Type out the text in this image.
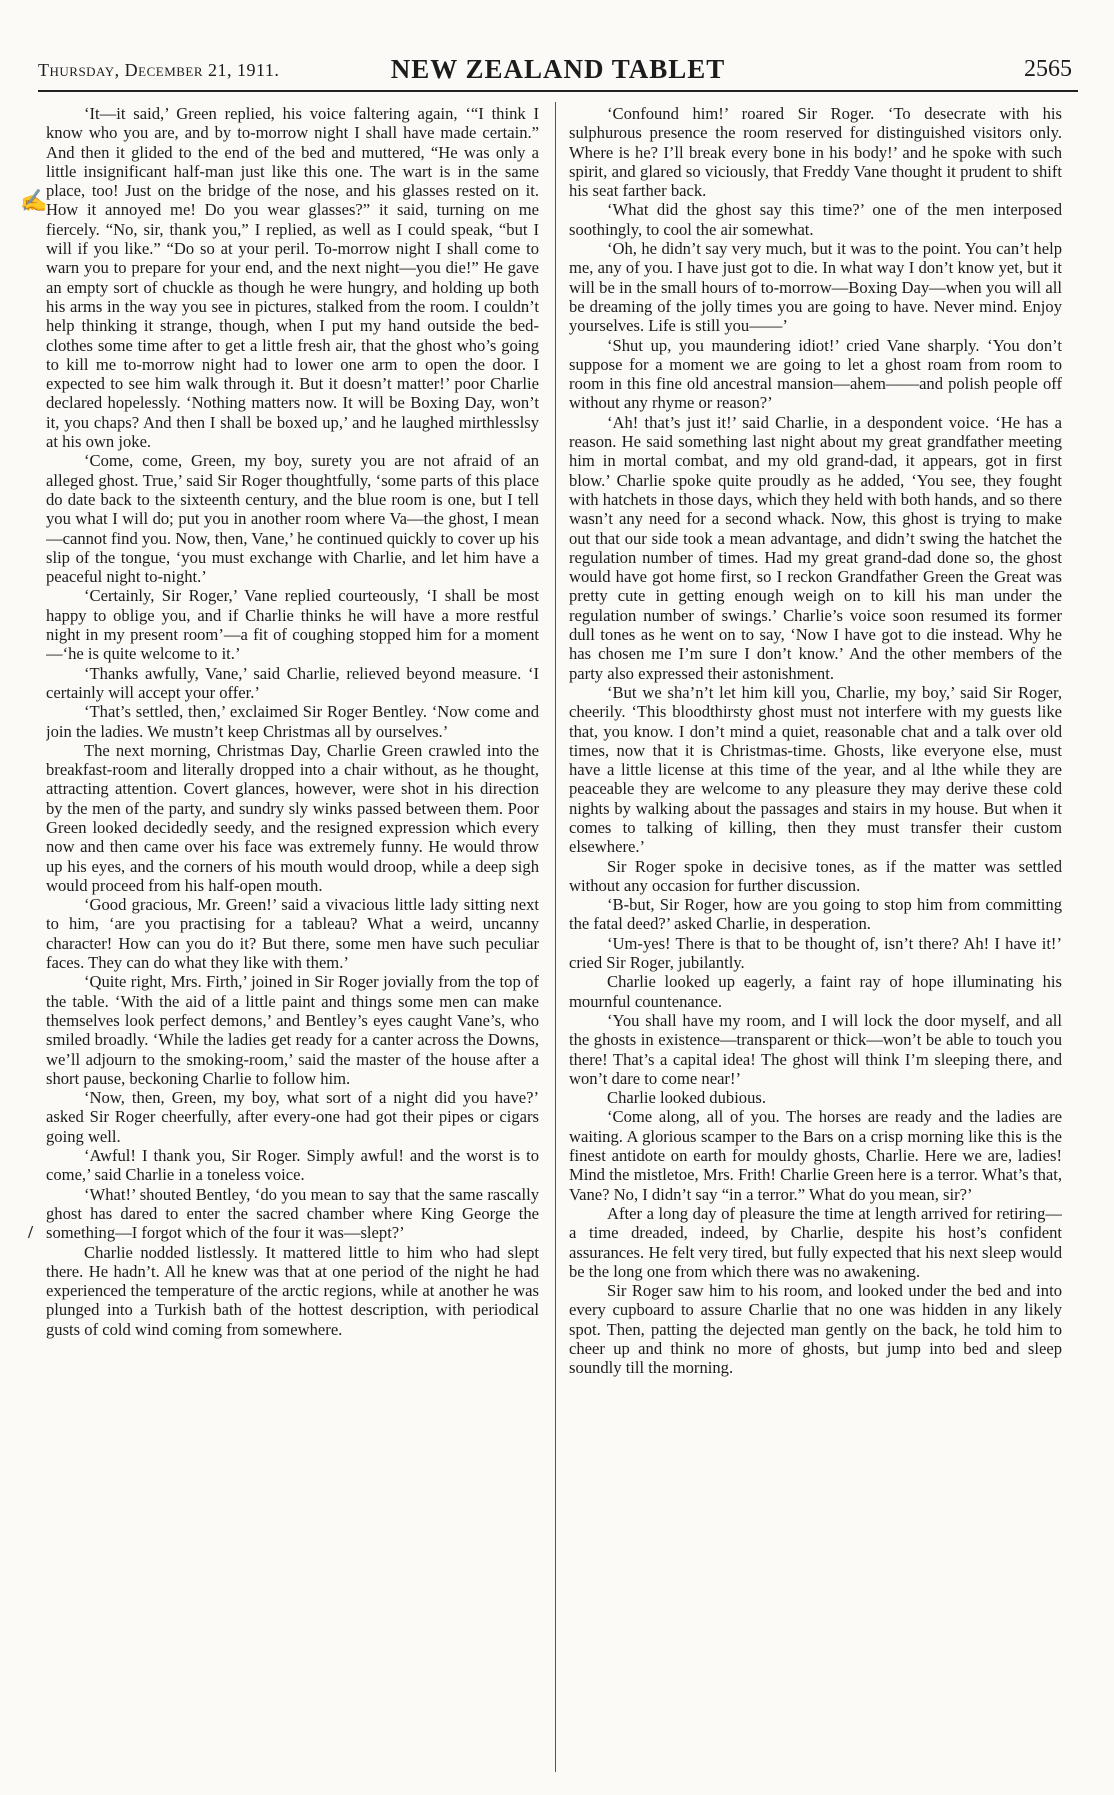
Thursday, December 21, 1911.	NEW ZEALAND TABLET	2565
✍
/

‘It—it said,’ Green replied, his voice faltering again, ‘“I think I know who you are, and by to-morrow night I shall have made certain.” And then it glided to the end of the bed and muttered, “He was only a little insignificant half-man just like this one. The wart is in the same place, too! Just on the bridge of the nose, and his glasses rested on it. How it annoyed me! Do you wear glasses?” it said, turning on me fiercely. “No, sir, thank you,” I replied, as well as I could speak, “but I will if you like.” “Do so at your peril. To-morrow night I shall come to warn you to prepare for your end, and the next night—you die!” He gave an empty sort of chuckle as though he were hungry, and holding up both his arms in the way you see in pictures, stalked from the room. I couldn’t help thinking it strange, though, when I put my hand outside the bed-clothes some time after to get a little fresh air, that the ghost who’s going to kill me to-morrow night had to lower one arm to open the door. I expected to see him walk through it. But it doesn’t matter!’ poor Charlie declared hopelessly. ‘Nothing matters now. It will be Boxing Day, won’t it, you chaps? And then I shall be boxed up,’ and he laughed mirthlesslsy at his own joke.

‘Come, come, Green, my boy, surety you are not afraid of an alleged ghost. True,’ said Sir Roger thoughtfully, ‘some parts of this place do date back to the sixteenth century, and the blue room is one, but I tell you what I will do; put you in another room where Va—the ghost, I mean—cannot find you. Now, then, Vane,’ he continued quickly to cover up his slip of the tongue, ‘you must exchange with Charlie, and let him have a peaceful night to-night.’

‘Certainly, Sir Roger,’ Vane replied courteously, ‘I shall be most happy to oblige you, and if Charlie thinks he will have a more restful night in my present room’—a fit of coughing stopped him for a moment—‘he is quite welcome to it.’

‘Thanks awfully, Vane,’ said Charlie, relieved beyond measure. ‘I certainly will accept your offer.’

‘That’s settled, then,’ exclaimed Sir Roger Bentley. ‘Now come and join the ladies. We mustn’t keep Christmas all by ourselves.’

The next morning, Christmas Day, Charlie Green crawled into the breakfast-room and literally dropped into a chair without, as he thought, attracting attention. Covert glances, however, were shot in his direction by the men of the party, and sundry sly winks passed between them. Poor Green looked decidedly seedy, and the resigned expression which every now and then came over his face was extremely funny. He would throw up his eyes, and the corners of his mouth would droop, while a deep sigh would proceed from his half-open mouth.

‘Good gracious, Mr. Green!’ said a vivacious little lady sitting next to him, ‘are you practising for a tableau? What a weird, uncanny character! How can you do it? But there, some men have such peculiar faces. They can do what they like with them.’

‘Quite right, Mrs. Firth,’ joined in Sir Roger jovially from the top of the table. ‘With the aid of a little paint and things some men can make themselves look perfect demons,’ and Bentley’s eyes caught Vane’s, who smiled broadly. ‘While the ladies get ready for a canter across the Downs, we’ll adjourn to the smoking-room,’ said the master of the house after a short pause, beckoning Charlie to follow him.

‘Now, then, Green, my boy, what sort of a night did you have?’ asked Sir Roger cheerfully, after every-one had got their pipes or cigars going well.

‘Awful! I thank you, Sir Roger. Simply awful! and the worst is to come,’ said Charlie in a toneless voice.

‘What!’ shouted Bentley, ‘do you mean to say that the same rascally ghost has dared to enter the sacred chamber where King George the something—I forgot which of the four it was—slept?’

Charlie nodded listlessly. It mattered little to him who had slept there. He hadn’t. All he knew was that at one period of the night he had experienced the temperature of the arctic regions, while at another he was plunged into a Turkish bath of the hottest description, with periodical gusts of cold wind coming from somewhere.

‘Confound him!’ roared Sir Roger. ‘To desecrate with his sulphurous presence the room reserved for distinguished visitors only. Where is he? I’ll break every bone in his body!’ and he spoke with such spirit, and glared so viciously, that Freddy Vane thought it prudent to shift his seat farther back.

‘What did the ghost say this time?’ one of the men interposed soothingly, to cool the air somewhat.

‘Oh, he didn’t say very much, but it was to the point. You can’t help me, any of you. I have just got to die. In what way I don’t know yet, but it will be in the small hours of to-morrow—Boxing Day—when you will all be dreaming of the jolly times you are going to have. Never mind. Enjoy yourselves. Life is still you——’

‘Shut up, you maundering idiot!’ cried Vane sharply. ‘You don’t suppose for a moment we are going to let a ghost roam from room to room in this fine old ancestral mansion—ahem——and polish people off without any rhyme or reason?’

‘Ah! that’s just it!’ said Charlie, in a despondent voice. ‘He has a reason. He said something last night about my great grandfather meeting him in mortal combat, and my old grand-dad, it appears, got in first blow.’ Charlie spoke quite proudly as he added, ‘You see, they fought with hatchets in those days, which they held with both hands, and so there wasn’t any need for a second whack. Now, this ghost is trying to make out that our side took a mean advantage, and didn’t swing the hatchet the regulation number of times. Had my great grand-dad done so, the ghost would have got home first, so I reckon Grandfather Green the Great was pretty cute in getting enough weigh on to kill his man under the regulation number of swings.’ Charlie’s voice soon resumed its former dull tones as he went on to say, ‘Now I have got to die instead. Why he has chosen me I’m sure I don’t know.’ And the other members of the party also expressed their astonishment.

‘But we sha’n’t let him kill you, Charlie, my boy,’ said Sir Roger, cheerily. ‘This bloodthirsty ghost must not interfere with my guests like that, you know. I don’t mind a quiet, reasonable chat and a talk over old times, now that it is Christmas-time. Ghosts, like everyone else, must have a little license at this time of the year, and al lthe while they are peaceable they are welcome to any pleasure they may derive these cold nights by walking about the passages and stairs in my house. But when it comes to talking of killing, then they must transfer their custom elsewhere.’

Sir Roger spoke in decisive tones, as if the matter was settled without any occasion for further discussion.

‘B-but, Sir Roger, how are you going to stop him from committing the fatal deed?’ asked Charlie, in desperation.

‘Um-yes! There is that to be thought of, isn’t there? Ah! I have it!’ cried Sir Roger, jubilantly.

Charlie looked up eagerly, a faint ray of hope illuminating his mournful countenance.

‘You shall have my room, and I will lock the door myself, and all the ghosts in existence—transparent or thick—won’t be able to touch you there! That’s a capital idea! The ghost will think I’m sleeping there, and won’t dare to come near!’

Charlie looked dubious.

‘Come along, all of you. The horses are ready and the ladies are waiting. A glorious scamper to the Bars on a crisp morning like this is the finest antidote on earth for mouldy ghosts, Charlie. Here we are, ladies! Mind the mistletoe, Mrs. Frith! Charlie Green here is a terror. What’s that, Vane? No, I didn’t say “in a terror.” What do you mean, sir?’

After a long day of pleasure the time at length arrived for retiring—a time dreaded, indeed, by Charlie, despite his host’s confident assurances. He felt very tired, but fully expected that his next sleep would be the long one from which there was no awakening.

Sir Roger saw him to his room, and looked under the bed and into every cupboard to assure Charlie that no one was hidden in any likely spot. Then, patting the dejected man gently on the back, he told him to cheer up and think no more of ghosts, but jump into bed and sleep soundly till the morning.
